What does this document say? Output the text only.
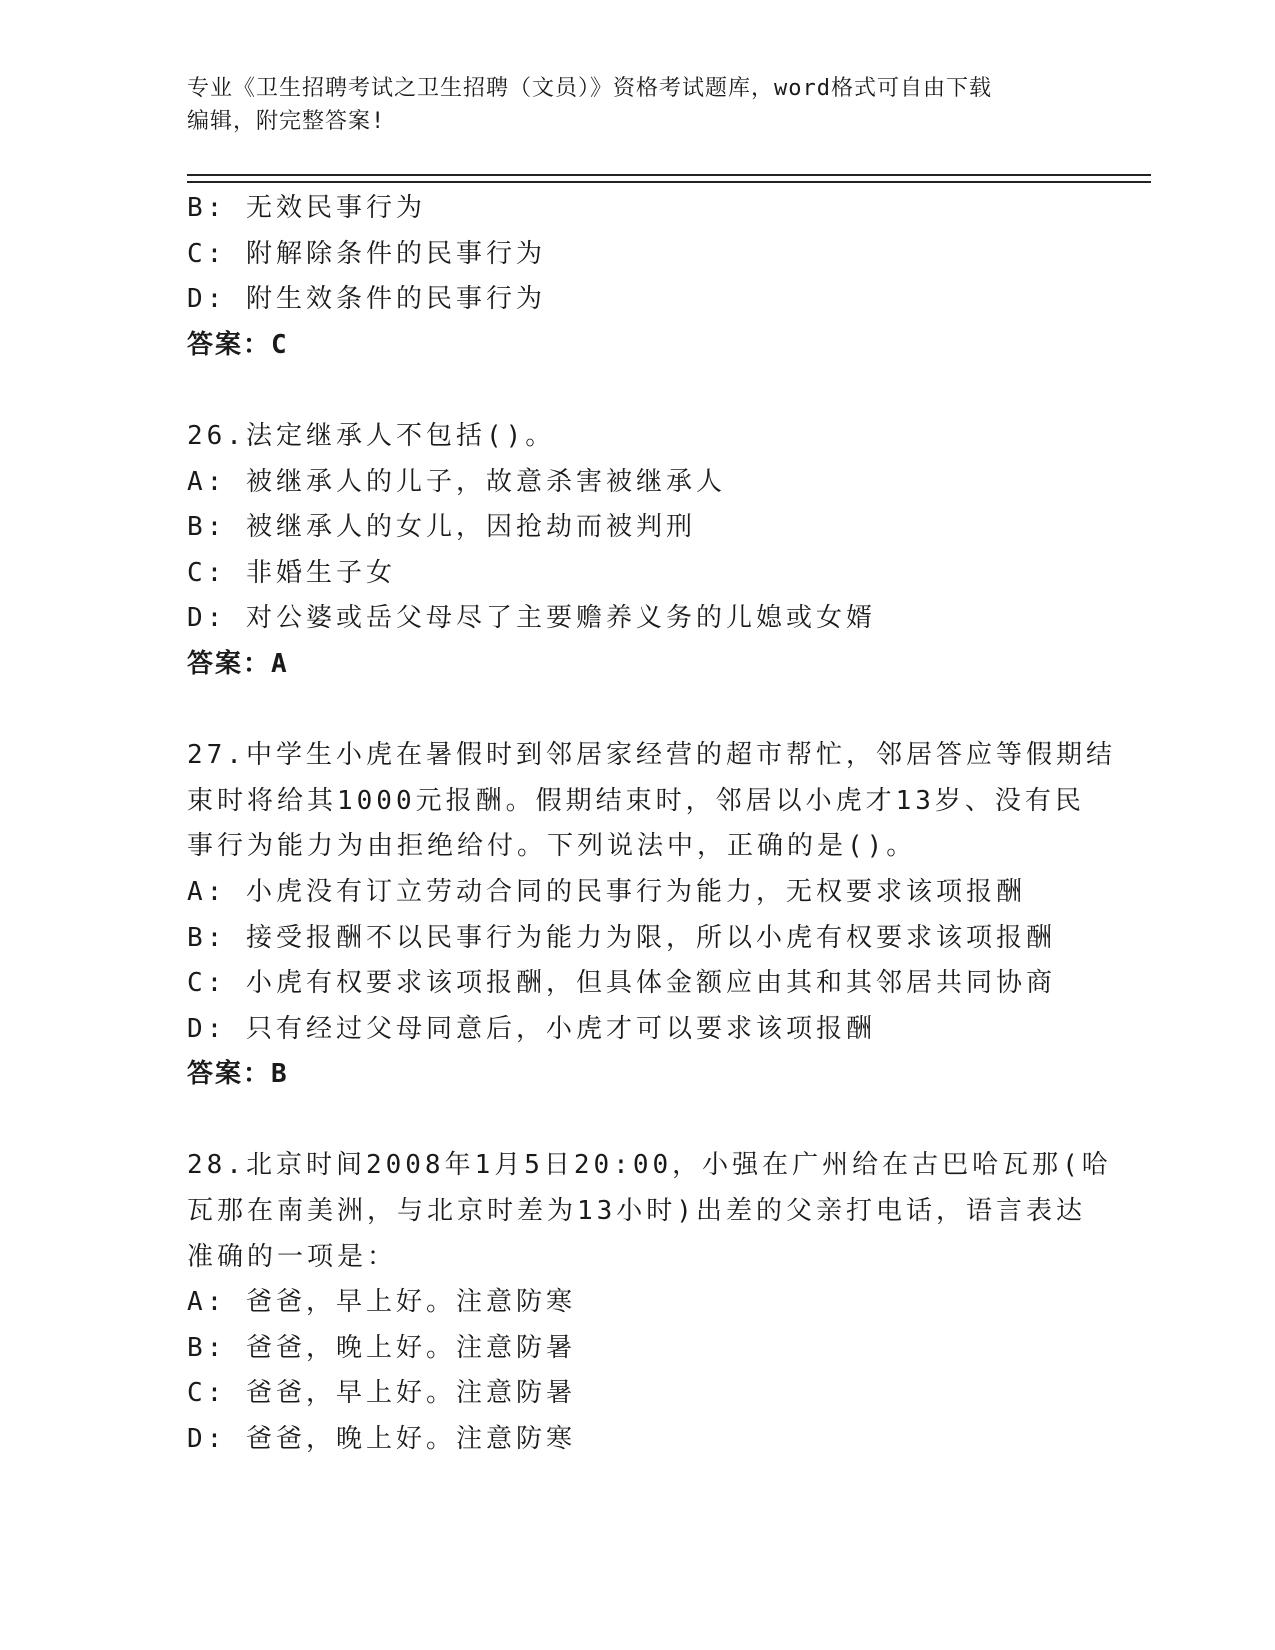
专业《卫生招聘考试之卫生招聘（文员）》资格考试题库，word格式可自由下载
编辑，附完整答案!
B: 无效民事行为
C: 附解除条件的民事行为
D: 附生效条件的民事行为
答案：C
26.法定继承人不包括()。
A: 被继承人的儿子，故意杀害被继承人
B: 被继承人的女儿，因抢劫而被判刑
C: 非婚生子女
D: 对公婆或岳父母尽了主要赡养义务的儿媳或女婿
答案：A
27.中学生小虎在暑假时到邻居家经营的超市帮忙，邻居答应等假期结
束时将给其1000元报酬。假期结束时，邻居以小虎才13岁、没有民
事行为能力为由拒绝给付。下列说法中，正确的是()。
A: 小虎没有订立劳动合同的民事行为能力，无权要求该项报酬
B: 接受报酬不以民事行为能力为限，所以小虎有权要求该项报酬
C: 小虎有权要求该项报酬，但具体金额应由其和其邻居共同协商
D: 只有经过父母同意后，小虎才可以要求该项报酬
答案：B
28.北京时间2008年1月5日20:00，小强在广州给在古巴哈瓦那(哈
瓦那在南美洲，与北京时差为13小时)出差的父亲打电话，语言表达
准确的一项是：
A: 爸爸，早上好。注意防寒
B: 爸爸，晚上好。注意防暑
C: 爸爸，早上好。注意防暑
D: 爸爸，晚上好。注意防寒
